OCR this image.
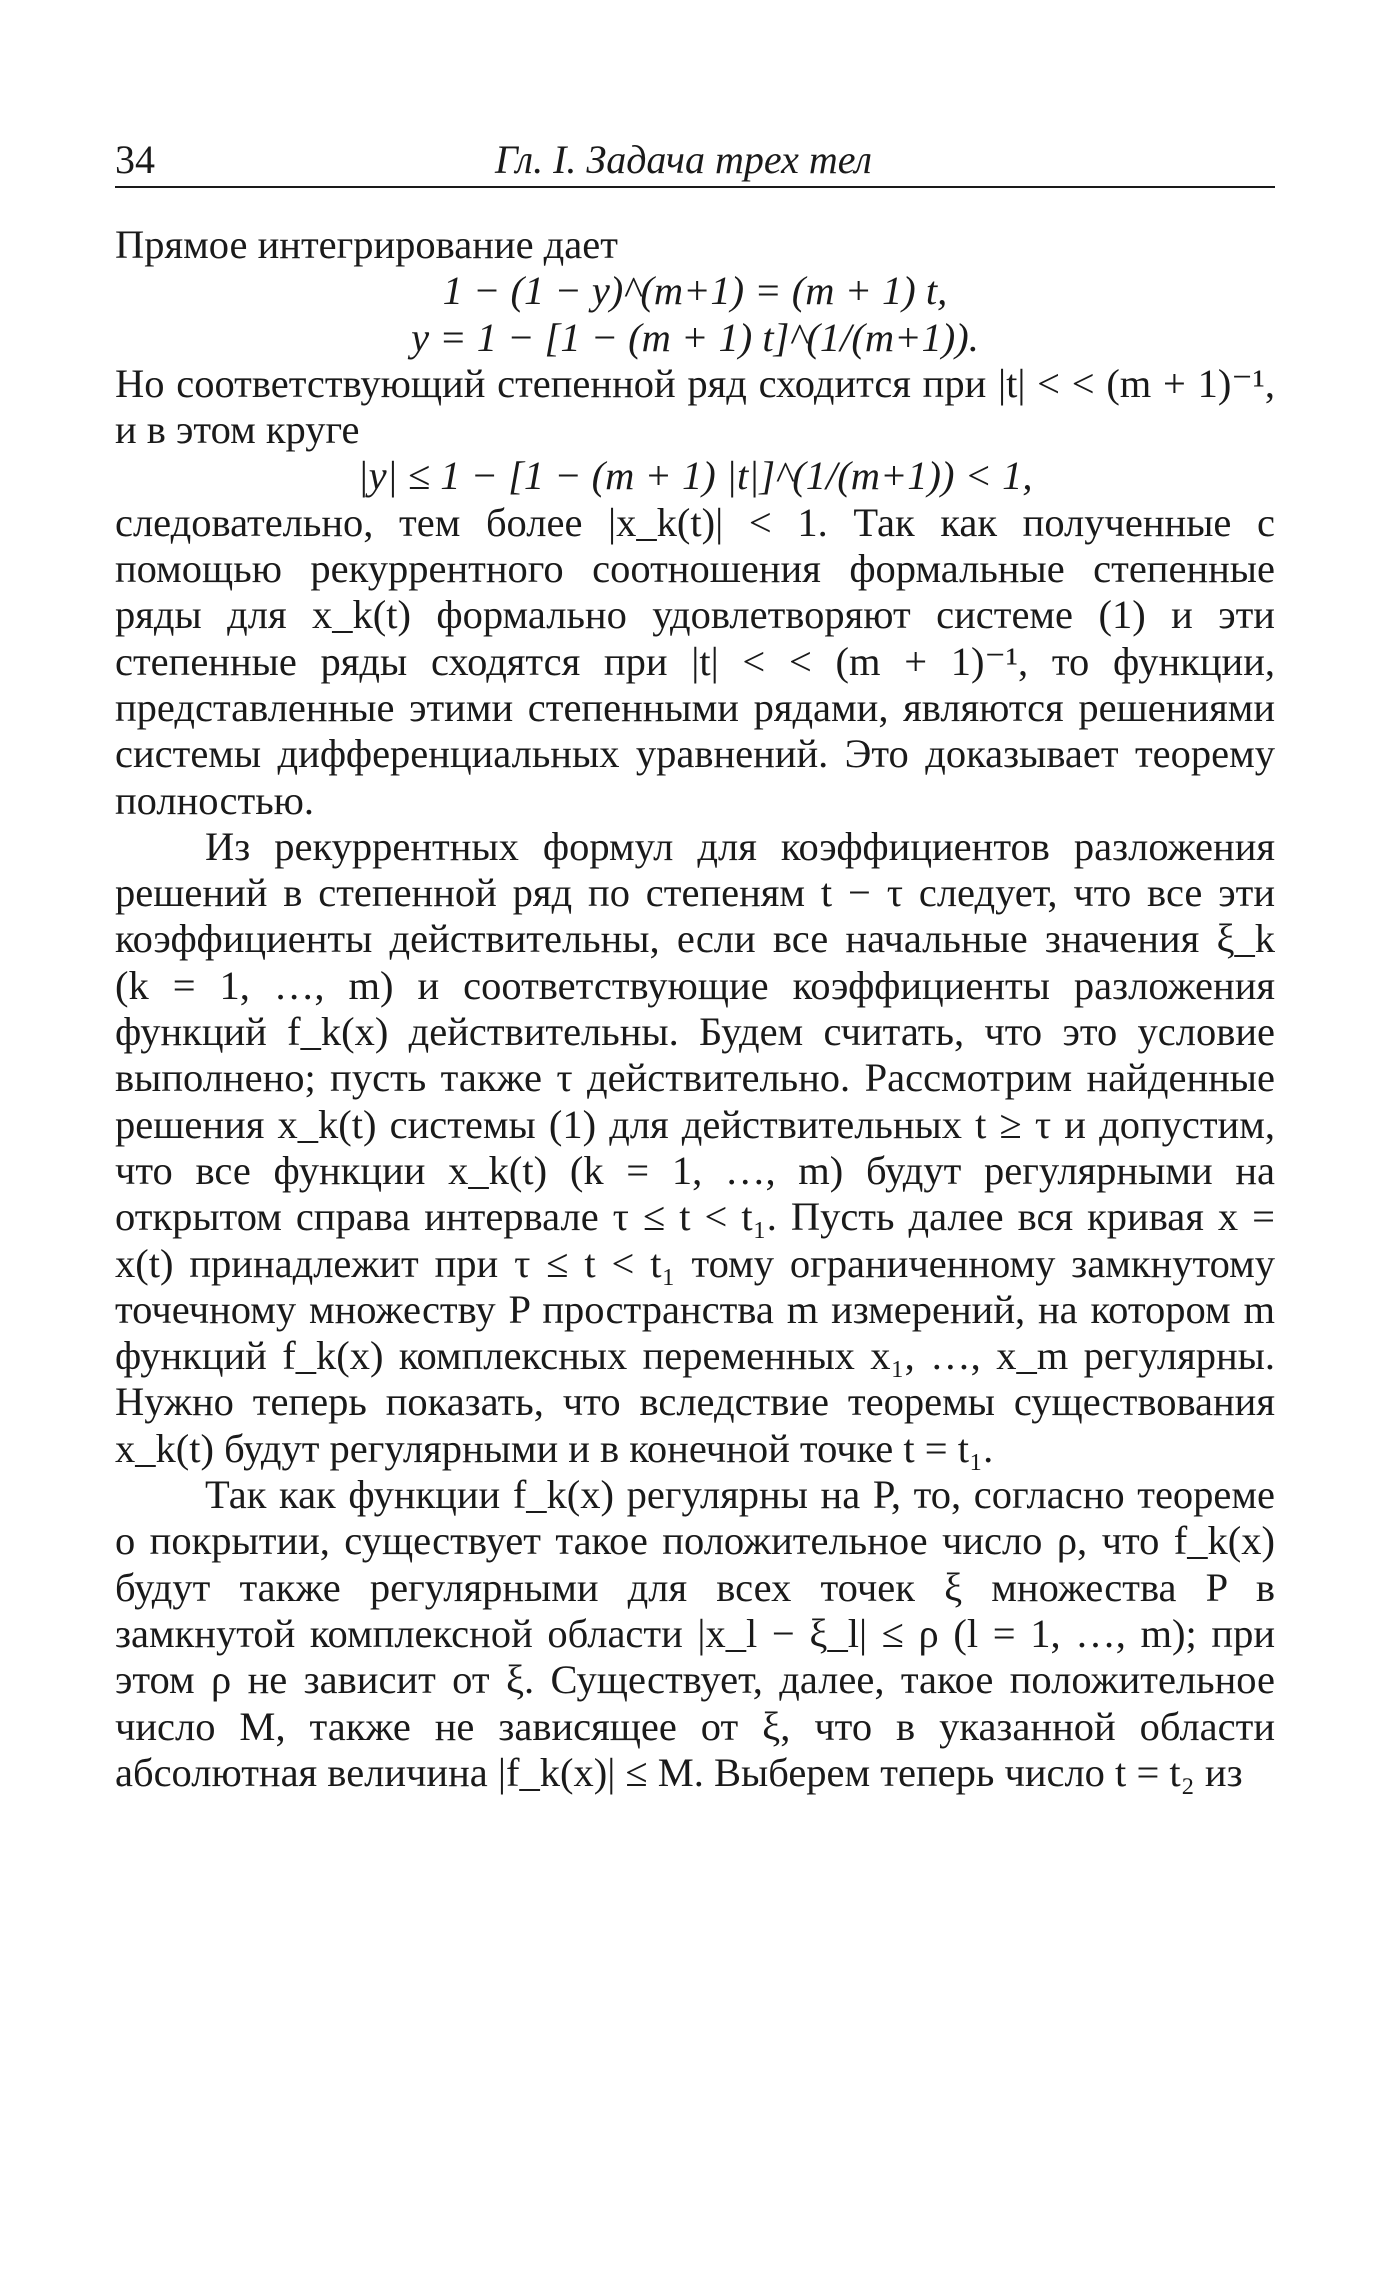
34	Гл. I. Задача трех тел

Прямое интегрирование дает

1 − (1 − y)^(m+1) = (m + 1) t,

y = 1 − [1 − (m + 1) t]^(1/(m+1)).

Но соответствующий степенной ряд сходится при |t| < < (m + 1)⁻¹, и в этом круге

|y| ≤ 1 − [1 − (m + 1) |t|]^(1/(m+1)) < 1,

следовательно, тем более |x_k(t)| < 1. Так как полученные с помощью рекуррентного соотношения формальные степенные ряды для x_k(t) формально удовлетворяют системе (1) и эти степенные ряды сходятся при |t| < < (m + 1)⁻¹, то функции, представленные этими степенными рядами, являются решениями системы дифференциальных уравнений. Это доказывает теорему полностью.

Из рекуррентных формул для коэффициентов разложения решений в степенной ряд по степеням t − τ следует, что все эти коэффициенты действительны, если все начальные значения ξ_k (k = 1, …, m) и соответствующие коэффициенты разложения функций f_k(x) действительны. Будем считать, что это условие выполнено; пусть также τ действительно. Рассмотрим найденные решения x_k(t) системы (1) для действительных t ≥ τ и допустим, что все функции x_k(t) (k = 1, …, m) будут регулярными на открытом справа интервале τ ≤ t < t₁. Пусть далее вся кривая x = x(t) принадлежит при τ ≤ t < t₁ тому ограниченному замкнутому точечному множеству P пространства m измерений, на котором m функций f_k(x) комплексных переменных x₁, …, x_m регулярны. Нужно теперь показать, что вследствие теоремы существования x_k(t) будут регулярными и в конечной точке t = t₁.

Так как функции f_k(x) регулярны на P, то, согласно теореме о покрытии, существует такое положительное число ρ, что f_k(x) будут также регулярными для всех точек ξ множества P в замкнутой комплексной области |x_l − ξ_l| ≤ ρ (l = 1, …, m); при этом ρ не зависит от ξ. Существует, далее, такое положительное число M, также не зависящее от ξ, что в указанной области абсолютная величина |f_k(x)| ≤ M. Выберем теперь число t = t₂ из
